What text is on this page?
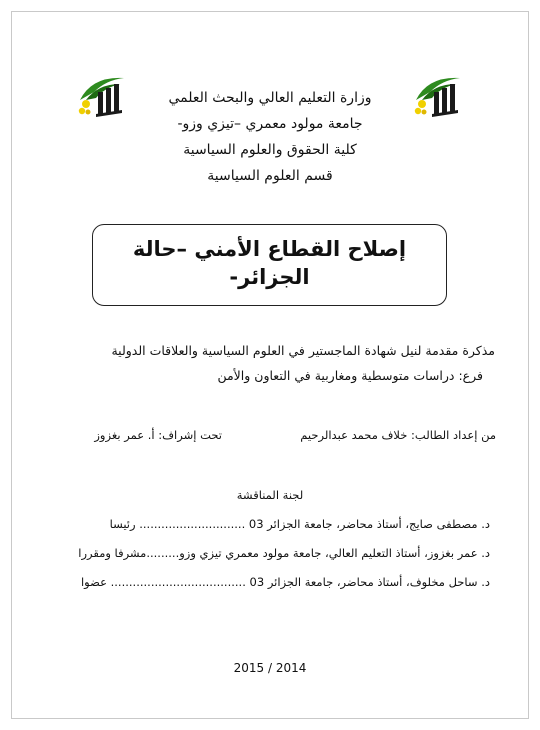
وزارة التعليم العالي والبحث العلمي
جامعة مولود معمري –تيزي وزو-
كلية الحقوق والعلوم السياسية
قسم العلوم السياسية
إصلاح القطاع الأمني –حالة الجزائر-
مذكرة مقدمة لنيل شهادة الماجستير في العلوم السياسية والعلاقات الدولية
فرع: دراسات متوسطية ومغاربية في التعاون والأمن
من إعداد الطالب: خلاف محمد عبدالرحيم
تحت إشراف: أ. عمر بغزوز
لجنة المناقشة
د. مصطفى صايج، أستاذ محاضر، جامعة الجزائر 03 ............................. رئيسا
د. عمر بغزوز، أستاذ التعليم العالي، جامعة مولود معمري تيزي وزو.........مشرفا ومقررا
د. ساحل مخلوف، أستاذ محاضر، جامعة الجزائر 03 ..................................... عضوا
2015 / 2014
